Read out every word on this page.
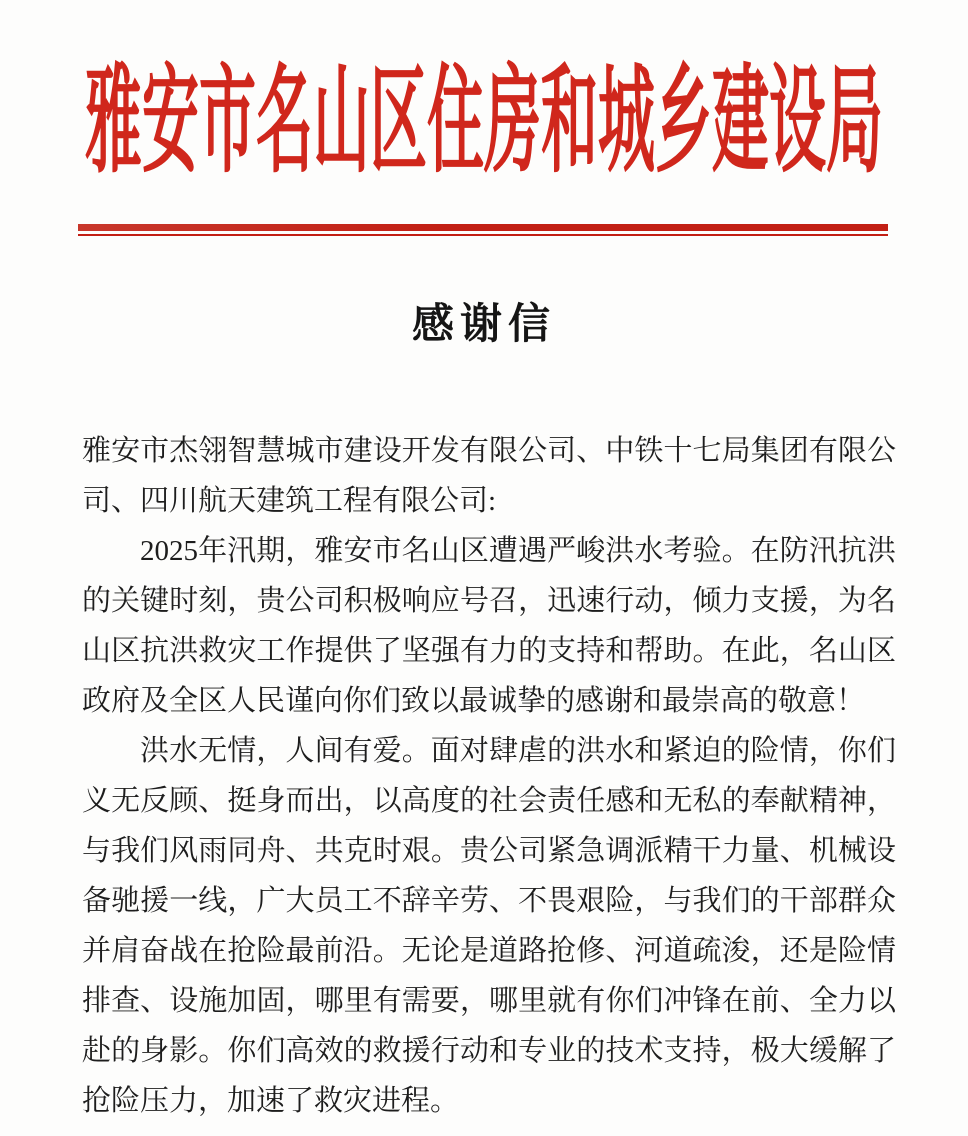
雅安市名山区住房和城乡建设局
感谢信
雅安市杰翎智慧城市建设开发有限公司、中铁十七局集团有限公
司、四川航天建筑工程有限公司:
2025年汛期，雅安市名山区遭遇严峻洪水考验。在防汛抗洪
的关键时刻，贵公司积极响应号召，迅速行动，倾力支援，为名
山区抗洪救灾工作提供了坚强有力的支持和帮助。在此，名山区
政府及全区人民谨向你们致以最诚挚的感谢和最崇高的敬意！
洪水无情，人间有爱。面对肆虐的洪水和紧迫的险情，你们
义无反顾、挺身而出，以高度的社会责任感和无私的奉献精神，
与我们风雨同舟、共克时艰。贵公司紧急调派精干力量、机械设
备驰援一线，广大员工不辞辛劳、不畏艰险，与我们的干部群众
并肩奋战在抢险最前沿。无论是道路抢修、河道疏浚，还是险情
排查、设施加固，哪里有需要，哪里就有你们冲锋在前、全力以
赴的身影。你们高效的救援行动和专业的技术支持，极大缓解了
抢险压力，加速了救灾进程。
